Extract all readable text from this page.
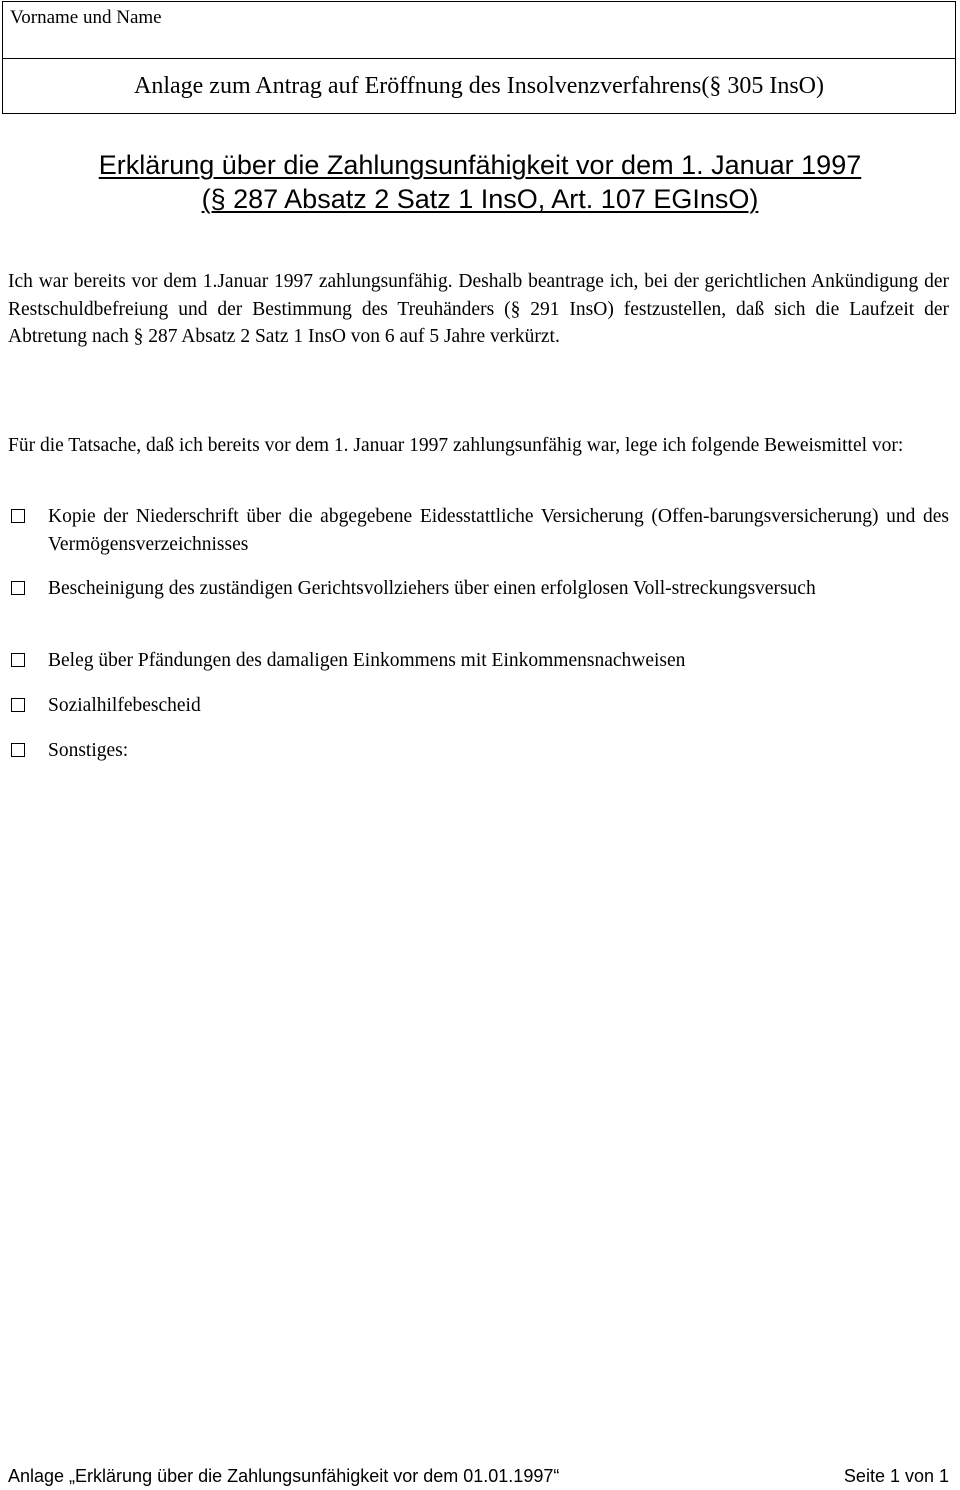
Vorname und Name
Anlage zum Antrag auf Eröffnung des Insolvenzverfahrens(§ 305 InsO)
Erklärung über die Zahlungsunfähigkeit vor dem 1. Januar 1997
(§ 287 Absatz 2 Satz 1 InsO, Art. 107 EGInsO)
Ich war bereits vor dem 1.Januar 1997 zahlungsunfähig. Deshalb beantrage ich, bei der gerichtlichen Ankündigung der Restschuldbefreiung und der Bestimmung des Treuhänders (§ 291 InsO) festzustellen, daß sich die Laufzeit der Abtretung nach § 287 Absatz 2 Satz 1 InsO von 6 auf 5 Jahre verkürzt.
Für die Tatsache, daß ich bereits vor dem 1. Januar 1997 zahlungsunfähig war, lege ich folgende Beweismittel vor:
Kopie der Niederschrift über die abgegebene Eidesstattliche Versicherung (Offen-barungsversicherung) und des Vermögensverzeichnisses
Bescheinigung des zuständigen Gerichtsvollziehers über einen erfolglosen Voll-streckungsversuch
Beleg über Pfändungen des damaligen Einkommens mit Einkommensnachweisen
Sozialhilfebescheid
Sonstiges:
Anlage „Erklärung über die Zahlungsunfähigkeit vor dem 01.01.1997“	Seite 1 von 1
